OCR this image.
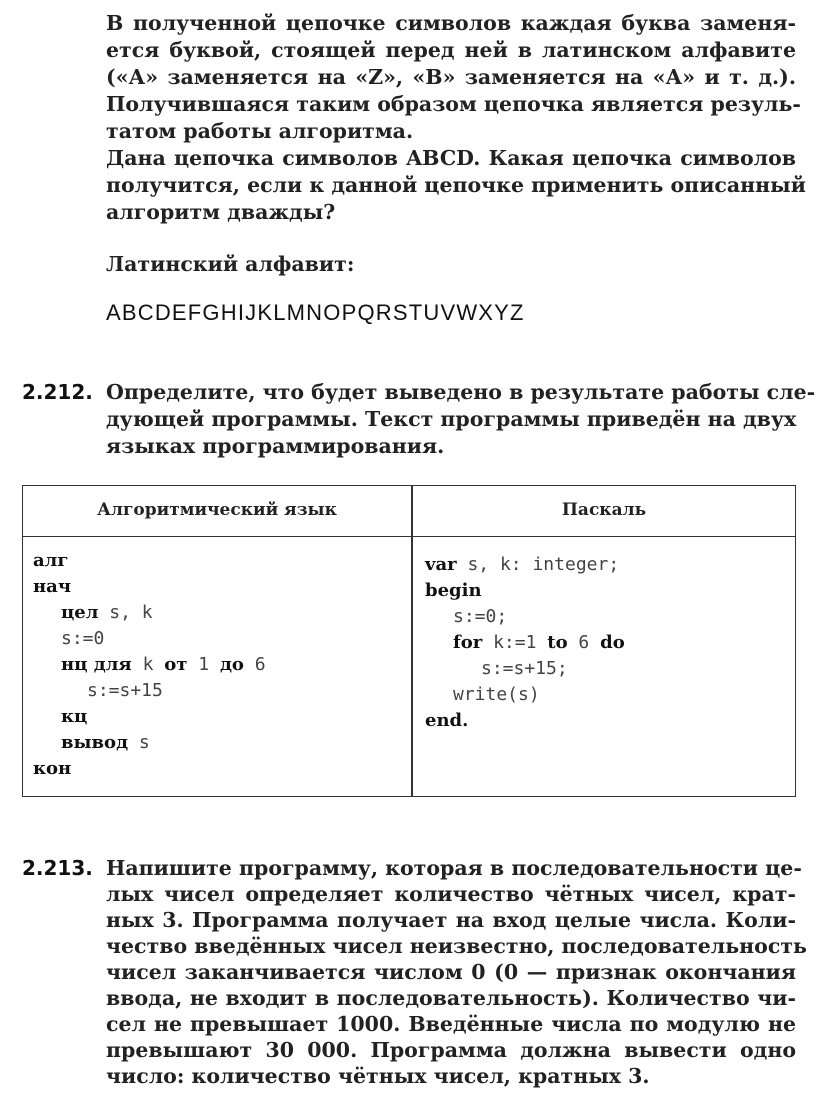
В полученной цепочке символов каждая буква заменя-
ется буквой, стоящей перед ней в латинском алфавите
(«А» заменяется на «Z», «В» заменяется на «А» и т. д.).
Получившаяся таким образом цепочка является резуль-
татом работы алгоритма.
Дана цепочка символов ABCD. Какая цепочка символов
получится, если к данной цепочке применить описанный
алгоритм дважды?
Латинский алфавит:
ABCDEFGHIJKLMNOPQRSTUVWXYZ
2.212. Определите, что будет выведено в результате работы сле-
дующей программы. Текст программы приведён на двух
языках программирования.
Алгоритмический язык	Паскаль
алг
нач
цел s, k
s:=0
нц для k от 1 до 6
s:=s+15
кц
вывод s
кон
var s, k: integer;
begin
s:=0;
for k:=1 to 6 do
s:=s+15;
write(s)
end.
2.213. Напишите программу, которая в последовательности це-
лых чисел определяет количество чётных чисел, крат-
ных 3. Программа получает на вход целые числа. Коли-
чество введённых чисел неизвестно, последовательность
чисел заканчивается числом 0 (0 — признак окончания
ввода, не входит в последовательность). Количество чи-
сел не превышает 1000. Введённые числа по модулю не
превышают 30 000. Программа должна вывести одно
число: количество чётных чисел, кратных 3.
